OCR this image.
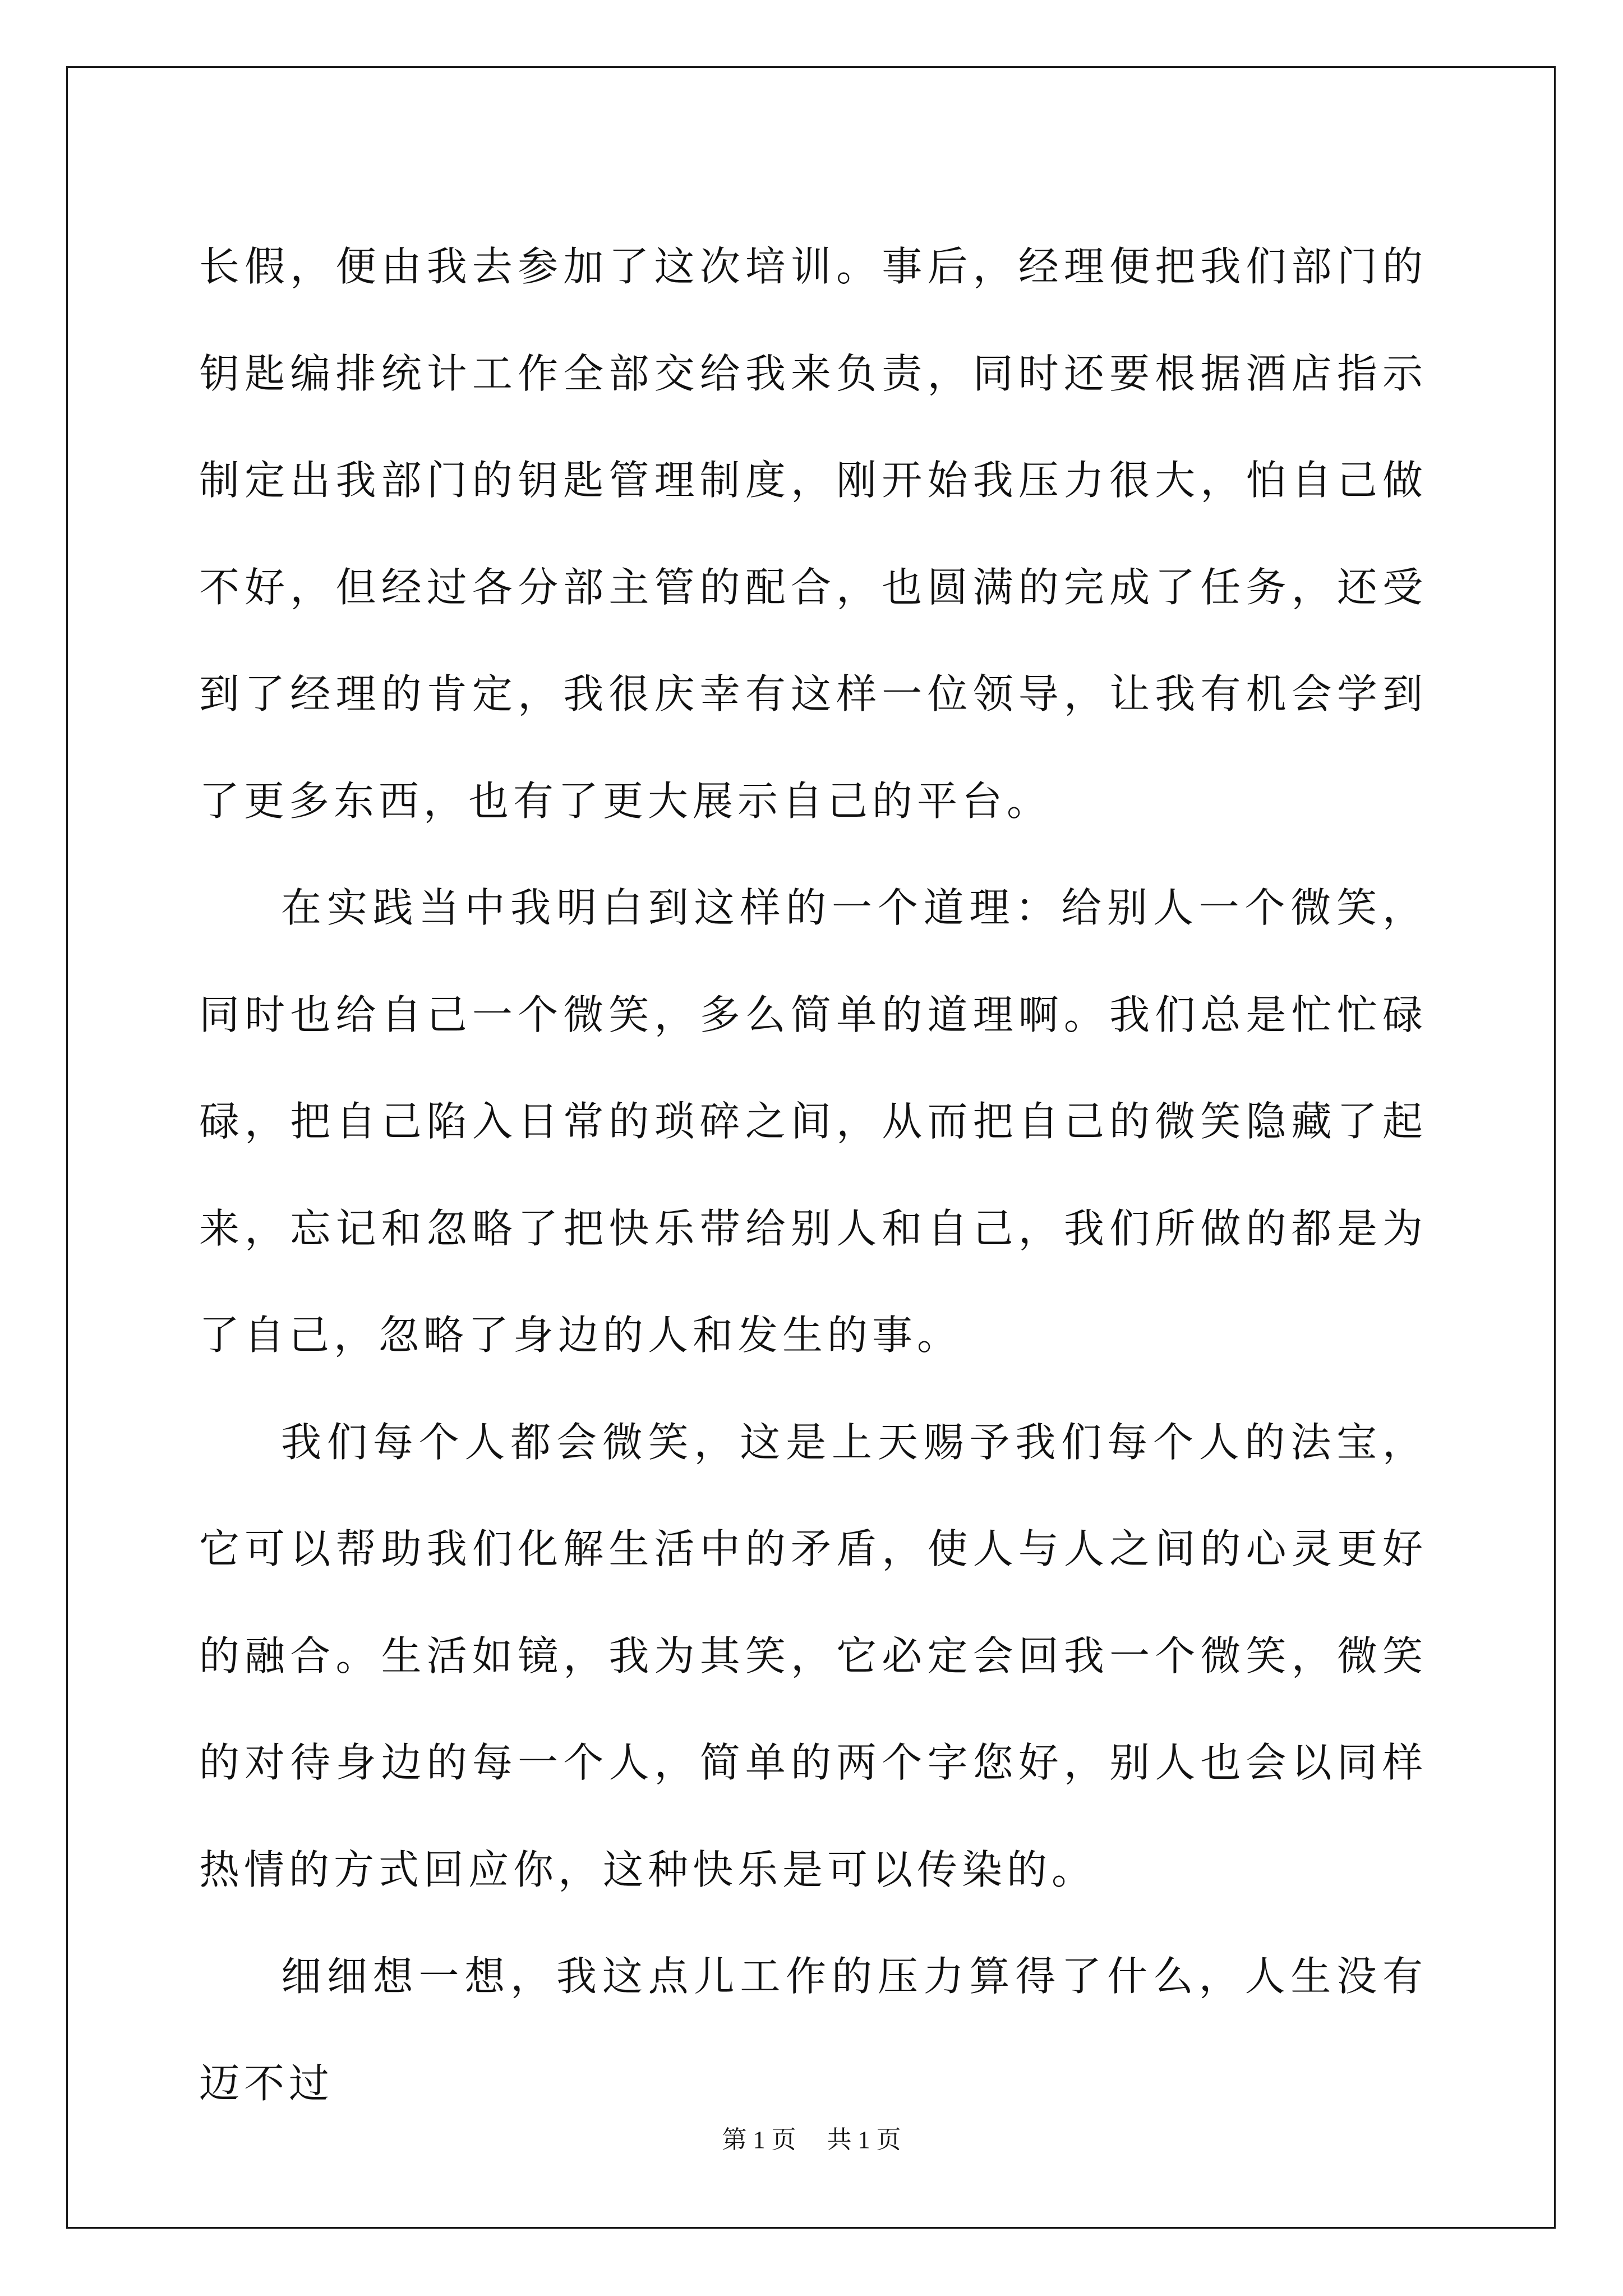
长假，便由我去参加了这次培训。事后，经理便把我们部门的钥匙编排统计工作全部交给我来负责，同时还要根据酒店指示制定出我部门的钥匙管理制度，刚开始我压力很大，怕自己做不好，但经过各分部主管的配合，也圆满的完成了任务，还受到了经理的肯定，我很庆幸有这样一位领导，让我有机会学到了更多东西，也有了更大展示自己的平台。

在实践当中我明白到这样的一个道理：给别人一个微笑，同时也给自己一个微笑，多么简单的道理啊。我们总是忙忙碌碌，把自己陷入日常的琐碎之间，从而把自己的微笑隐藏了起来，忘记和忽略了把快乐带给别人和自己，我们所做的都是为了自己，忽略了身边的人和发生的事。

我们每个人都会微笑，这是上天赐予我们每个人的法宝，它可以帮助我们化解生活中的矛盾，使人与人之间的心灵更好的融合。生活如镜，我为其笑，它必定会回我一个微笑，微笑的对待身边的每一个人，简单的两个字您好，别人也会以同样热情的方式回应你，这种快乐是可以传染的。

细细想一想，我这点儿工作的压力算得了什么，人生没有迈不过

第 1 页 共 1 页
